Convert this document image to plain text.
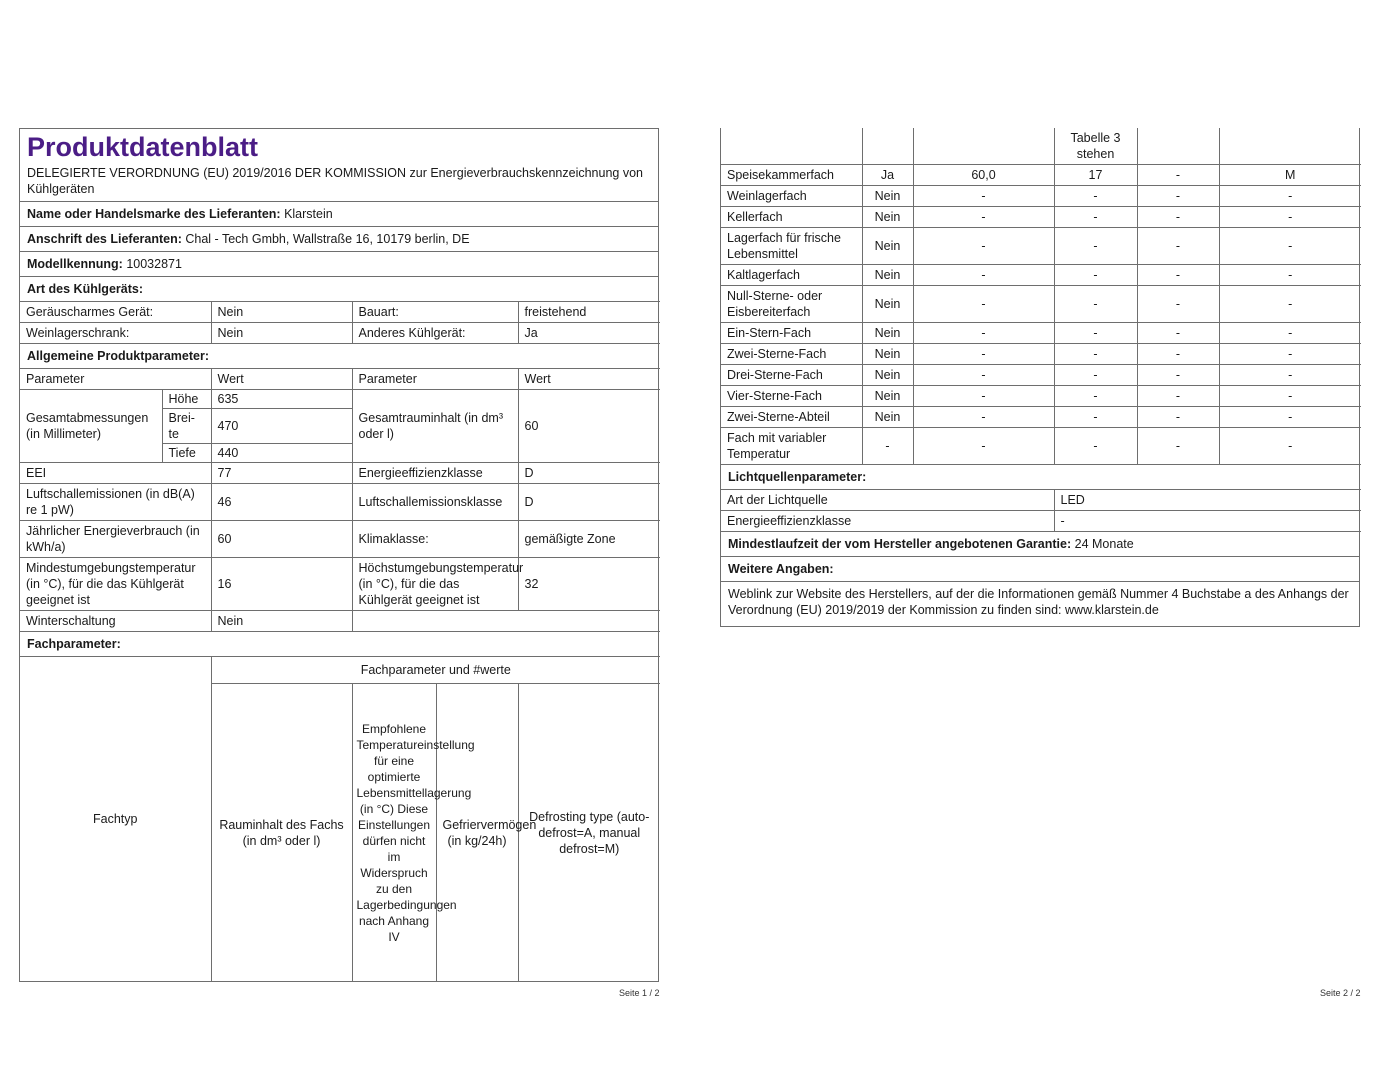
Produktdatenblatt
DELEGIERTE VERORDNUNG (EU) 2019/2016 DER KOMMISSION zur Energieverbrauchskennzeichnung von Kühlgeräten
Name oder Handelsmarke des Lieferanten: Klarstein
Anschrift des Lieferanten: Chal - Tech Gmbh, Wallstraße 16, 10179 berlin, DE
Modellkennung: 10032871
Art des Kühlgeräts:
Geräuscharmes Gerät:	Nein	Bauart:	freistehend
Weinlagerschrank:	Nein	Anderes Kühlgerät:	Ja
Allgemeine Produktparameter:
Parameter		Wert	Parameter	Wert
Gesamtabmessungen (in Millimeter)	Höhe	635	Gesamtrauminhalt (in dm³ oder l)	60
	Brei-te	470		
	Tiefe	440		
EEI		77	Energieeffizienzklasse	D
Luftschallemissionen (in dB(A) re 1 pW)		46	Luftschallemissionsklasse	D
Jährlicher Energieverbrauch (in kWh/a)		60	Klimaklasse:	gemäßigte Zone
Mindestumgebungstemperatur (in °C), für die das Kühlgerät geeignet ist		16	Höchstumgebungstemperatur (in °C), für die das Kühlgerät geeignet ist	32
Winterschaltung		Nein		
Fachparameter:
Fachtyp	Fachparameter und #werte			
	Rauminhalt des Fachs (in dm³ oder l)	Empfohlene Temperatureinstellung für eine optimierte Lebensmittellagerung (in °C) Diese Einstellungen dürfen nicht im Widerspruch zu den Lagerbedingungen nach Anhang IV	Gefriervermögen (in kg/24h)	Defrosting type (auto-defrost=A, manual defrost=M)
Seite 1 / 2
			Tabelle 3 stehen		
Speisekammerfach	Ja	60,0	17	-	M
Weinlagerfach	Nein	-	-	-	-
Kellerfach	Nein	-	-	-	-
Lagerfach für frische Lebensmittel	Nein	-	-	-	-
Kaltlagerfach	Nein	-	-	-	-
Null-Sterne- oder Eisbereiterfach	Nein	-	-	-	-
Ein-Stern-Fach	Nein	-	-	-	-
Zwei-Sterne-Fach	Nein	-	-	-	-
Drei-Sterne-Fach	Nein	-	-	-	-
Vier-Sterne-Fach	Nein	-	-	-	-
Zwei-Sterne-Abteil	Nein	-	-	-	-
Fach mit variabler Temperatur	-	-	-	-	-
Lichtquellenparameter:
Art der Lichtquelle	LED
Energieeffizienzklasse	-
Mindestlaufzeit der vom Hersteller angebotenen Garantie: 24 Monate
Weitere Angaben:
Weblink zur Website des Herstellers, auf der die Informationen gemäß Nummer 4 Buchstabe a des Anhangs der Verordnung (EU) 2019/2019 der Kommission zu finden sind: www.klarstein.de
Seite 2 / 2
